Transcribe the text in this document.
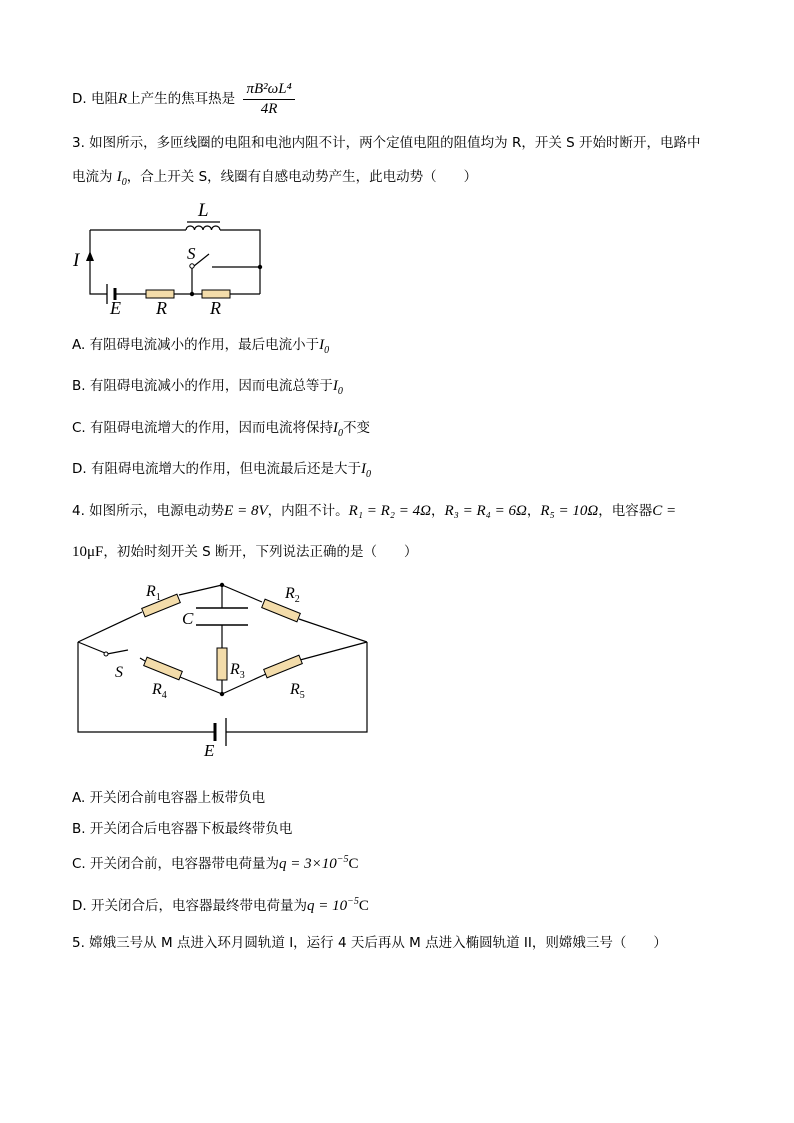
D. 电阻R上产生的焦耳热是 $\frac{\text{πB²ωL⁴}}{4R}$
3. 如图所示，多匝线圈的电阻和电池内阻不计，两个定值电阻的阻值均为 R，开关 S 开始时断开，电路中
电流为 $I_0$，合上开关 S，线圈有自感电动势产生，此电动势（　　）
L
S
I
E R R
A. 有阻碍电流减小的作用，最后电流小于$I_0$
B. 有阻碍电流减小的作用，因而电流总等于$I_0$
C. 有阻碍电流增大的作用，因而电流将保持$I_0$不变
D. 有阻碍电流增大的作用，但电流最后还是大于$I_0$
4. 如图所示，电源电动势E = 8V，内阻不计。R₁ = R₂ = 4Ω，R₃ = R₄ = 6Ω，R₅ = 10Ω，电容器C =
10μF，初始时刻开关 S 断开，下列说法正确的是（　　）
$R_1$	$R_2$
C
S	$R_3$
$R_4$	$R_5$
E
A. 开关闭合前电容器上板带负电
B. 开关闭合后电容器下板最终带负电
C. 开关闭合前，电容器带电荷量为$q = 3\times 10^{-5}C$
D. 开关闭合后，电容器最终带电荷量为$q = 10^{-5}C$
5. 嫦娥三号从 M 点进入环月圆轨道 I，运行 4 天后再从 M 点进入椭圆轨道 II，则嫦娥三号（　　）
